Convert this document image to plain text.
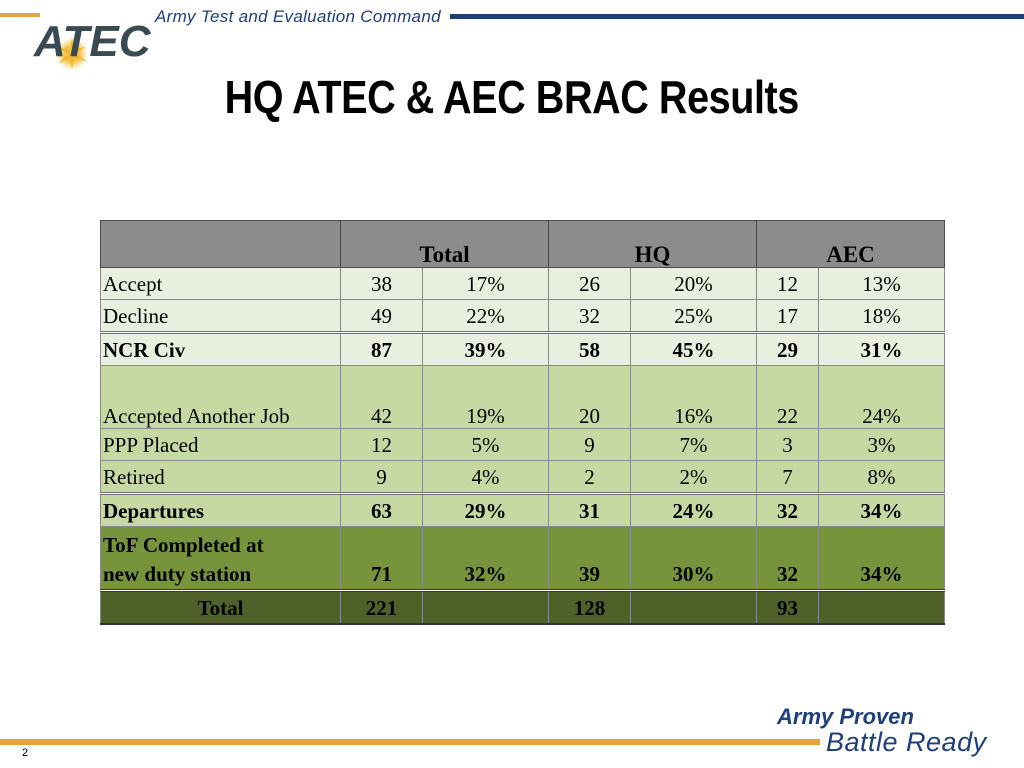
ATEC
Army Test and Evaluation Command
HQ ATEC & AEC BRAC Results
	Total		HQ		AEC	
Accept	38	17%	26	20%	12	13%
Decline	49	22%	32	25%	17	18%
NCR Civ	87	39%	58	45%	29	31%
Accepted Another Job	42	19%	20	16%	22	24%
PPP Placed	12	5%	9	7%	3	3%
Retired	9	4%	2	2%	7	8%
Departures	63	29%	31	24%	32	34%
ToF Completed at
new duty station	71	32%	39	30%	32	34%
Total	221		128		93	
2
Army Proven
Battle Ready
